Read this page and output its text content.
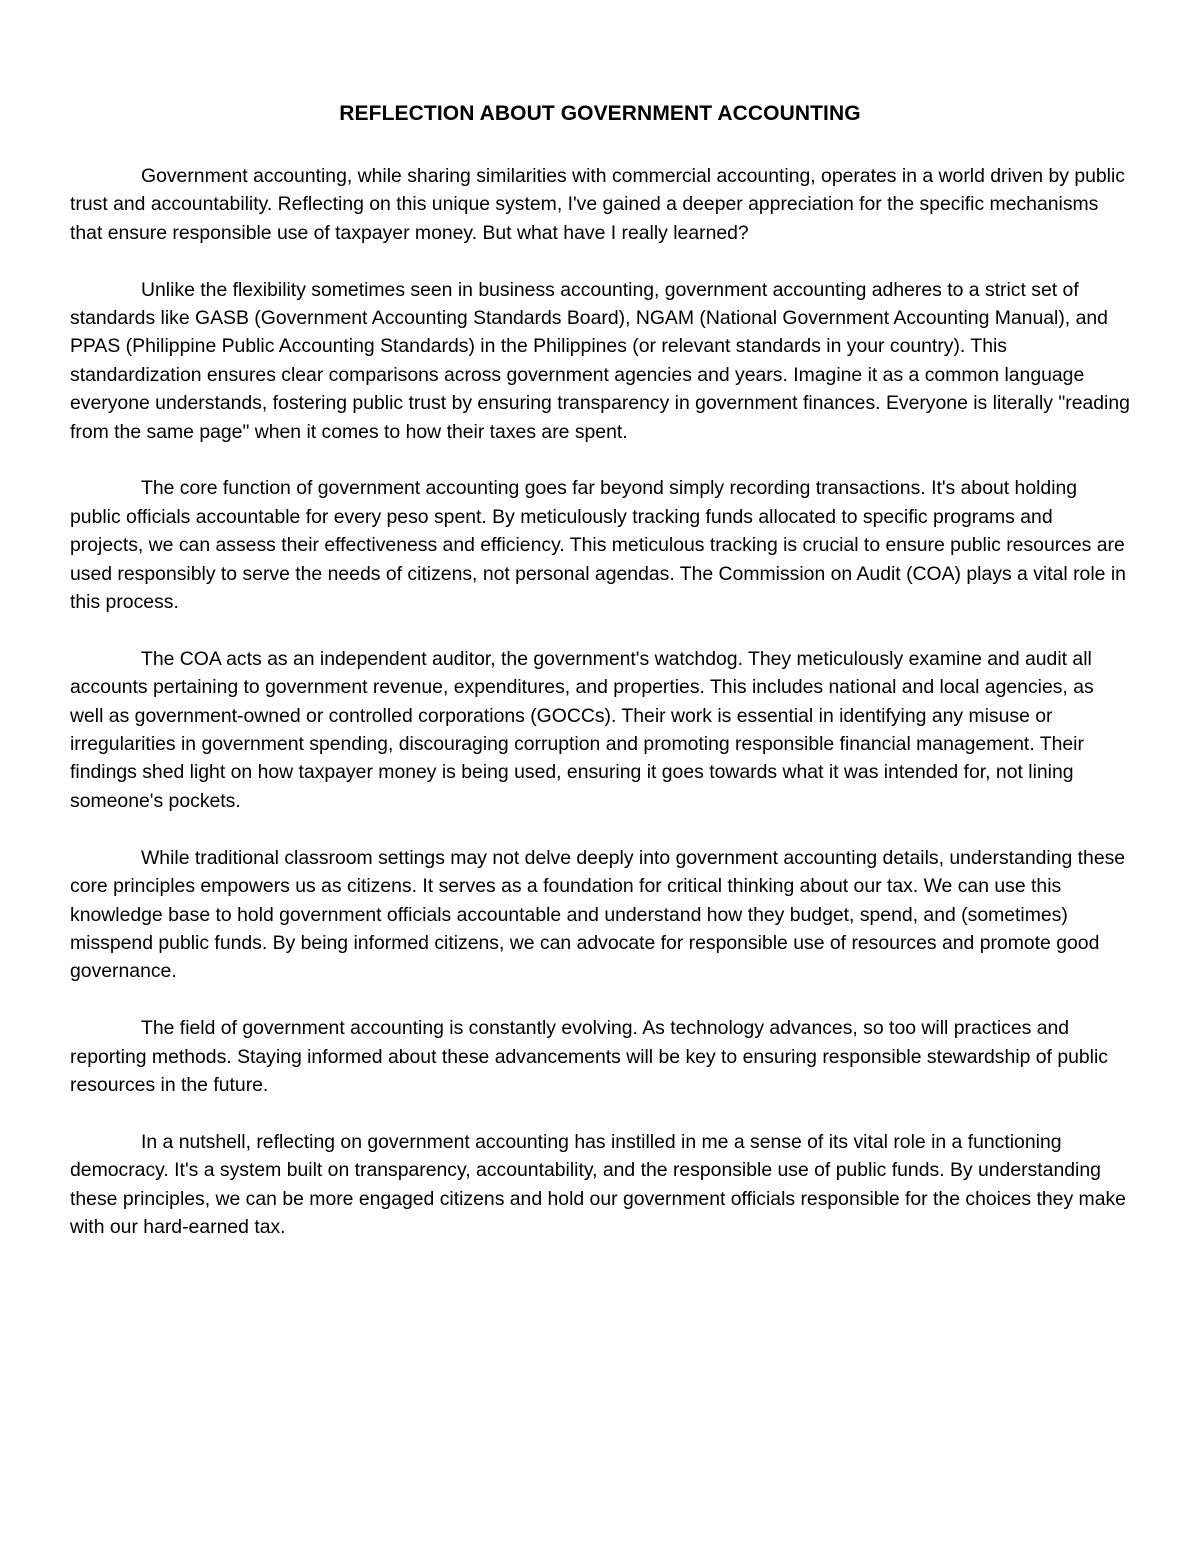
REFLECTION ABOUT GOVERNMENT ACCOUNTING

Government accounting, while sharing similarities with commercial accounting, operates in a world driven by public trust and accountability. Reflecting on this unique system, I've gained a deeper appreciation for the specific mechanisms that ensure responsible use of taxpayer money. But what have I really learned?

Unlike the flexibility sometimes seen in business accounting, government accounting adheres to a strict set of standards like GASB (Government Accounting Standards Board), NGAM (National Government Accounting Manual), and PPAS (Philippine Public Accounting Standards) in the Philippines (or relevant standards in your country). This standardization ensures clear comparisons across government agencies and years. Imagine it as a common language everyone understands, fostering public trust by ensuring transparency in government finances. Everyone is literally "reading from the same page" when it comes to how their taxes are spent.

The core function of government accounting goes far beyond simply recording transactions. It's about holding public officials accountable for every peso spent. By meticulously tracking funds allocated to specific programs and projects, we can assess their effectiveness and efficiency. This meticulous tracking is crucial to ensure public resources are used responsibly to serve the needs of citizens, not personal agendas. The Commission on Audit (COA) plays a vital role in this process.

The COA acts as an independent auditor, the government's watchdog. They meticulously examine and audit all accounts pertaining to government revenue, expenditures, and properties. This includes national and local agencies, as well as government-owned or controlled corporations (GOCCs). Their work is essential in identifying any misuse or irregularities in government spending, discouraging corruption and promoting responsible financial management. Their findings shed light on how taxpayer money is being used, ensuring it goes towards what it was intended for, not lining someone's pockets.

While traditional classroom settings may not delve deeply into government accounting details, understanding these core principles empowers us as citizens. It serves as a foundation for critical thinking about our tax. We can use this knowledge base to hold government officials accountable and understand how they budget, spend, and (sometimes) misspend public funds. By being informed citizens, we can advocate for responsible use of resources and promote good governance.

The field of government accounting is constantly evolving. As technology advances, so too will practices and reporting methods. Staying informed about these advancements will be key to ensuring responsible stewardship of public resources in the future.

In a nutshell, reflecting on government accounting has instilled in me a sense of its vital role in a functioning democracy. It's a system built on transparency, accountability, and the responsible use of public funds. By understanding these principles, we can be more engaged citizens and hold our government officials responsible for the choices they make with our hard-earned tax.
